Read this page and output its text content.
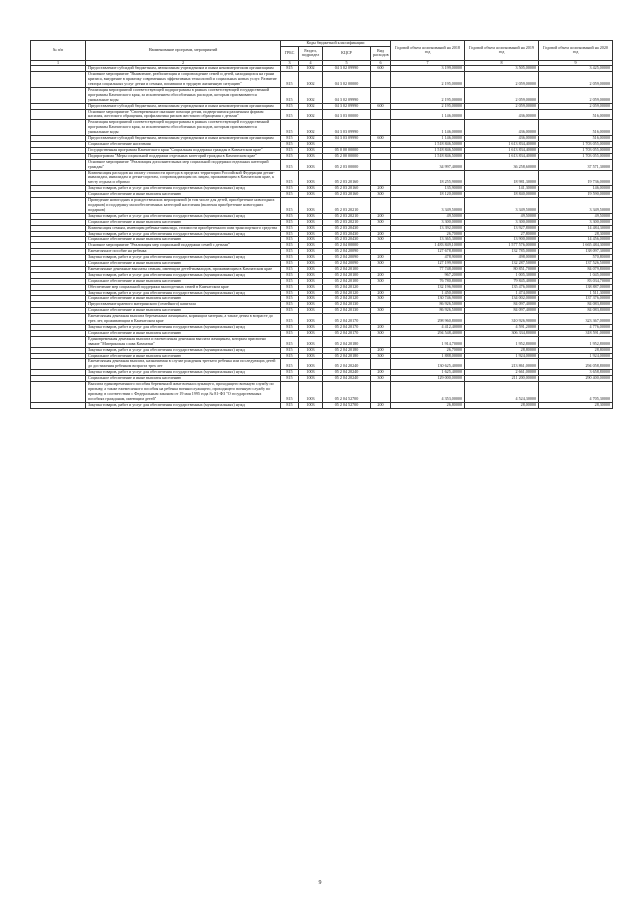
№ п/п	Наименование программ, мероприятий	Коды бюджетной классификации				Годовой объем ассигнований на 2018 год	Годовой объем ассигнований на 2019 год	Годовой объем ассигнований на 2020 год
		ГРБС	Раздел, подраздел	КЦСР	Вид расходов			
1	2	3	4	5	6	7	8	9
	Предоставление субсидий бюджетным, автономным учреждениям и иным некоммерческим организациям	815	1002	04 3 02 09990	600	3 199,00000	3 505,00000	3 425,00000
	Основное мероприятие "Выявление, реабилитация и сопровождение семей и детей, находящихся на грани кризиса, внедрение в практику современных эффективных технологий и социальных новых услуг. Развитие сектора социальных услуг детям и семьям, попавшим в трудную жизненную ситуацию"	815	1002	04 3 02 00000		2 195,00000	2 059,00000	2 059,00000
	Реализация мероприятий соответствующей подпрограммы в рамках соответствующей государственной программы Камчатского края, за исключением обособленных расходов, которым присваиваются уникальные коды	815	1002	04 3 02 09990		2 195,00000	2 059,00000	2 059,00000
	Предоставление субсидий бюджетным, автономным учреждениям и иным некоммерческим организациям	815	1002	04 3 02 09990	600	2 195,00000	2 059,00000	2 059,00000
	Основное мероприятие "Своевременное оказание помощи детям, подвергшимся различным формам насилия, жестокого обращения, профилактика рисков жестокого обращения с детьми"	815	1002	04 3 03 00000		1 146,00000	436,00000	516,00000
	Реализация мероприятий соответствующей подпрограммы в рамках соответствующей государственной программы Камчатского края, за исключением обособленных расходов, которым присваиваются уникальные коды	815	1002	04 3 03 09990		1 146,00000	436,00000	516,00000
	Предоставление субсидий бюджетным, автономным учреждениям и иным некоммерческим организациям	815	1002	04 3 03 09990	600	1 146,00000	436,00000	516,00000
	Социальное обеспечение населения	815	1003			1 518 846,50000	1 613 834,40000	1 703 055,00000
	Государственная программа Камчатского края "Социальная поддержка граждан в Камчатском крае"	815	1003	05 0 00 00000		1 518 846,50000	1 613 834,40000	1 703 055,00000
	Подпрограмма "Меры социальной поддержки отдельных категорий граждан в Камчатском крае"	815	1003	05 2 00 00000		1 518 846,50000	1 613 834,40000	1 703 055,00000
	Основное мероприятие "Реализация дополнительных мер социальной поддержки отдельных категорий граждан"	815	1003	05 2 03 00000		34 997,40000	36 258,60000	37 571,30000
	Компенсация расходов на оплату стоимости проезда в пределах территории Российской Федерации детям-инвалидам, инвалидам и детям-сиротам, сопровождающим их лицам, проживающим в Камчатском крае, к месту отдыха и обратно	815	1003	05 2 03 20160		18 255,90000	18 981,30000	19 736,00000
	Закупка товаров, работ и услуг для обеспечения государственных (муниципальных) нужд	815	1003	05 2 03 20160	200	135,90000	141,30000	146,00000
	Социальное обеспечение и иные выплаты населению	815	1003	05 2 03 20160	300	18 120,00000	18 840,00000	19 590,00000
	Проведение новогодних и рождественских мероприятий (в том числе для детей, приобретение новогодних подарков) и поддержку малообеспеченных категорий населения (включая приобретение новогодних подарков)	815	1003	05 2 03 20210		3 349,50000	3 349,50000	3 349,50000
	Закупка товаров, работ и услуг для обеспечения государственных (муниципальных) нужд	815	1003	05 2 03 20210	200	49,50000	49,50000	49,50000
	Социальное обеспечение и иные выплаты населению	815	1003	05 2 03 20210	300	3 300,00000	3 300,00000	3 300,00000
	Компенсация семьям, имеющим ребенка-инвалида, стоимости приобретенного ими транспортного средства	815	1003	05 2 03 20430		13 392,00000	13 927,80000	14 484,30000
	Закупка товаров, работ и услуг для обеспечения государственных (муниципальных) нужд	815	1003	05 2 03 20430	200	26,70000	27,80000	28,30000
	Социальное обеспечение и иные выплаты населению	815	1003	05 2 03 20430	300	13 365,30000	13 900,00000	14 456,00000
	Основное мероприятие "Реализация мер социальной поддержки семей с детьми"	815	1003	05 2 04 00000		1 483 849,10000	1 577 576,00000	1 665 484,30000
	Ежемесячное пособие на ребенка	815	1003	05 2 04 20090		127 678,80000	132 785,00000	138 097,30000
	Закупка товаров, работ и услуг для обеспечения государственных (муниципальных) нужд	815	1003	05 2 04 20090	200	478,90000	498,00000	570,80000
	Социальное обеспечение и иные выплаты населению	815	1003	05 2 04 20090	300	127 199,90000	132 287,50000	137 526,50000
	Ежемесячные денежные выплаты семьям, имеющим детей-инвалидов, проживающим в Камчатском крае	815	1003	05 2 04 20100		77 748,00000	80 851,70000	84 079,80000
	Закупка товаров, работ и услуг для обеспечения государственных (муниципальных) нужд	815	1003	05 2 04 20100	200	967,20000	1 005,30000	1 045,00000
	Социальное обеспечение и иные выплаты населению	815	1003	05 2 04 20100	300	76 780,80000	79 845,40000	83 034,70000
	Обеспечение мер социальной поддержки многодетных семей в Камчатском крае	815	1003	05 2 04 20120		132 196,90000	135 476,00000	138 887,00000
	Закупка товаров, работ и услуг для обеспечения государственных (муниципальных) нужд	815	1003	05 2 04 20120	200	1 450,00000	1 474,00000	1 511,30000
	Социальное обеспечение и иные выплаты населению	815	1003	05 2 04 20120	300	130 746,90000	134 002,00000	137 376,00000
	Предоставление краевого материнского (семейного) капитала	815	1003	05 2 04 20130		86 926,50000	84 097,40000	84 083,80000
	Социальное обеспечение и иные выплаты населению	815	1003	05 2 04 20130	300	86 926,50000	84 097,40000	84 083,80000
	Ежемесячная денежная выплата беременным женщинам, кормящим матерям, а также детям в возрасте до трех лет, проживающим в Камчатском крае	815	1003	05 2 04 20170		298 960,80000	310 926,90000	323 367,00000
	Закупка товаров, работ и услуг для обеспечения государственных (муниципальных) нужд	815	1003	05 2 04 20170	200	4 412,40000	4 591,20000	4 776,00000
	Социальное обеспечение и иные выплаты населению	815	1003	05 2 04 20170	300	294 548,40000	306 334,80000	318 591,00000
	Единовременная денежная выплата и ежемесячная денежная выплата женщинам, которым присвоено звание "Материнская слава Камчатки"	815	1003	05 2 04 20180		1 914,70000	1 952,80000	1 952,80000
	Закупка товаров, работ и услуг для обеспечения государственных (муниципальных) нужд	815	1003	05 2 04 20180	200	26,70000	28,80000	28,80000
	Социальное обеспечение и иные выплаты населению	815	1003	05 2 04 20180	300	1 888,00000	1 924,00000	1 924,00000
	Ежемесячная денежная выплата, назначаемая в случае рождения третьего ребенка или последующих детей до достижения ребенком возраста трех лет	815	1003	05 2 04 20240		130 625,40000	213 861,00000	294 058,80000
	Закупка товаров, работ и услуг для обеспечения государственных (муниципальных) нужд	815	1003	05 2 04 20240	200	1 625,40000	2 661,00000	3 658,80000
	Социальное обеспечение и иные выплаты населению	815	1003	05 2 04 20240	300	129 000,00000	211 200,00000	290 400,00000
	Выплата единовременного пособия беременной жене военнослужащего, проходящего военную службу по призыву, а также ежемесячного пособия на ребенка военнослужащего, проходящего военную службу по призыву, в соответствии с Федеральным законом от 19 мая 1995 года № 81-ФЗ "О государственных пособиях гражданам, имеющим детей"	815	1003	05 2 04 52700		4 353,00000	4 524,30000	4 705,30000
	Закупка товаров, работ и услуг для обеспечения государственных (муниципальных) нужд	815	1003	05 2 04 52700	200	26,80000	28,00000	28,30000
9
